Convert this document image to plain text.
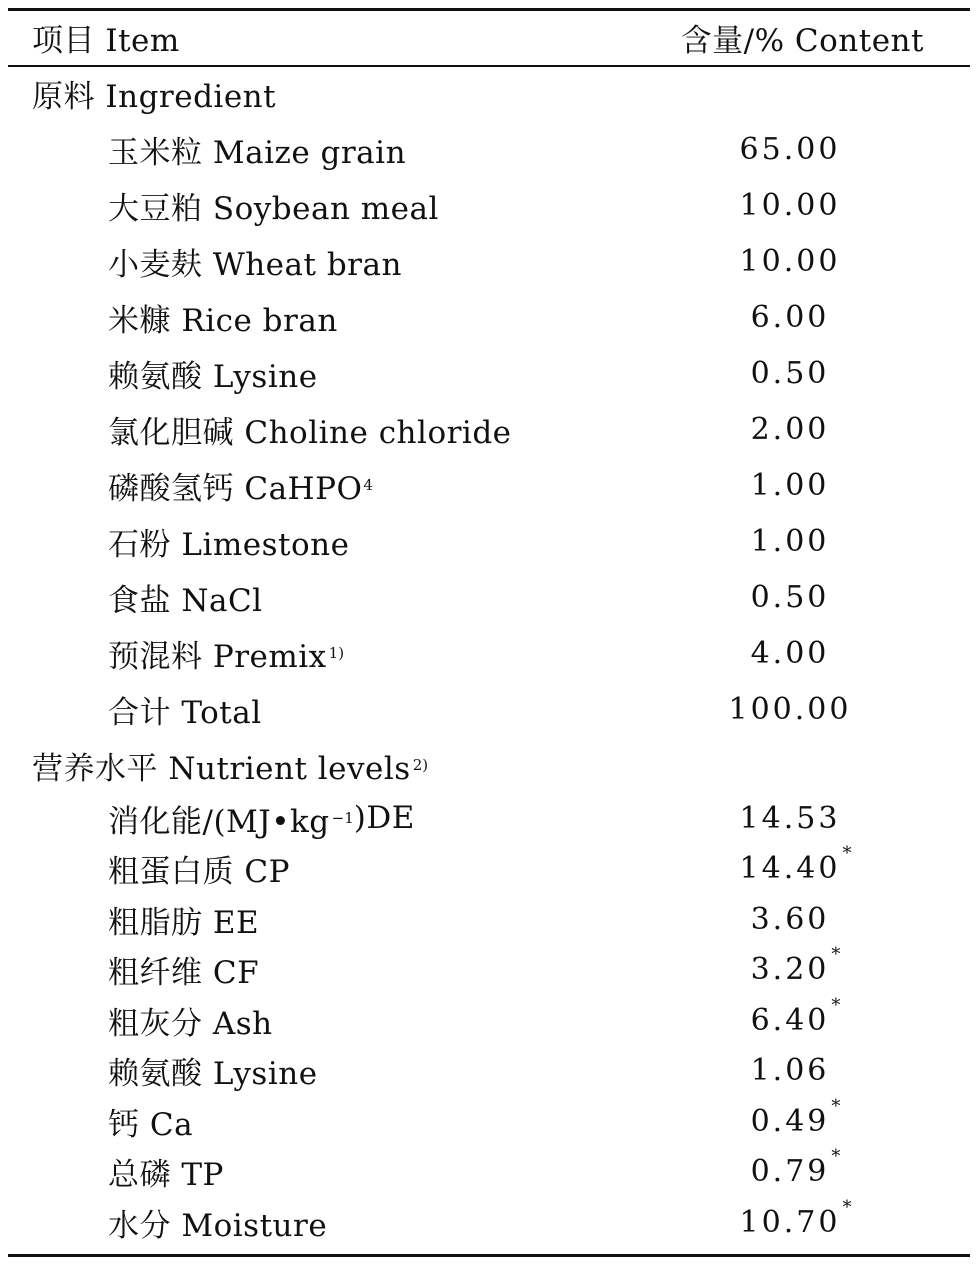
项目 Item	含量/% Content
原料 Ingredient
玉米粒 Maize grain	65.00
大豆粕 Soybean meal	10.00
小麦麸 Wheat bran	10.00
米糠 Rice bran	6.00
赖氨酸 Lysine	0.50
氯化胆碱 Choline chloride	2.00
磷酸氢钙 CaHPO 4	1.00
石粉 Limestone	1.00
食盐 NaCl	0.50
预混料 Premix 1)	4.00
合计 Total	100.00
营养水平 Nutrient levels 2)
消化能/(MJ•kg −1 )DE	14.53
粗蛋白质 CP	14.40 *
粗脂肪 EE	3.60
粗纤维 CF	3.20 *
粗灰分 Ash	6.40 *
赖氨酸 Lysine	1.06
钙 Ca	0.49 *
总磷 TP	0.79 *
水分 Moisture	10.70 *
